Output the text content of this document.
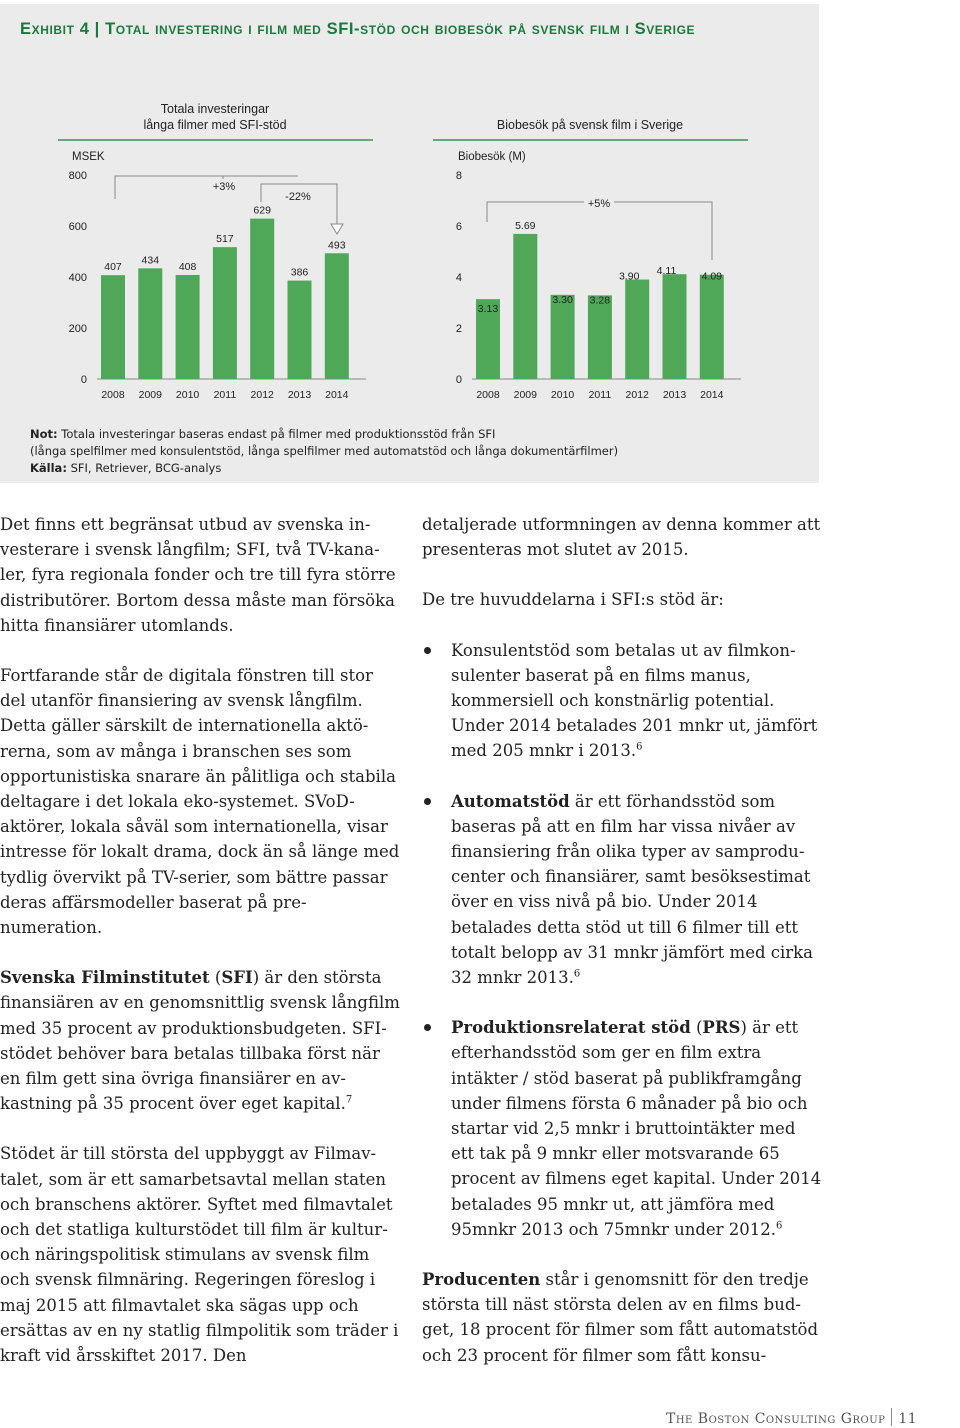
Exhibit 4 | Total investering i film med SFI-stöd och biobesök på svensk film i Sverige
Totala investeringar
långa filmer med SFI-stöd
MSEK
Biobesök på svensk film i Sverige
Biobesök (M)
0
200
400
600
800
407
2008
434
2009
408
2010
517
2011
629
2012
386
2013
493
2014
0
2
4
6
8
3.13
2008
5.69
2009
3.30
2010
3.28
2011
3.90
2012
4.11
2013
4.09
2014
+3%
-22%
+5%
Not: Totala investeringar baseras endast på filmer med produktionsstöd från SFI
(långa spelfilmer med konsulentstöd, långa spelfilmer med automatstöd och långa dokumentärfilmer)
Källa: SFI, Retriever, BCG-analys

Det finns ett begränsat utbud av svenska investerare i svensk långfilm; SFI, två TV-kanaler, fyra regionala fonder och tre till fyra större distributörer. Bortom dessa måste man försöka hitta finansiärer utomlands.

Fortfarande står de digitala fönstren till stor del utanför finansiering av svensk långfilm. Detta gäller särskilt de internationella aktörerna, som av många i branschen ses som opportunistiska snarare än pålitliga och stabila deltagare i det lokala eko-systemet. SVoD-aktörer, lokala såväl som internationella, visar intresse för lokalt drama, dock än så länge med tydlig övervikt på TV-serier, som bättre passar deras affärsmodeller baserat på prenumeration.

Svenska Filminstitutet (SFI) är den största finansiären av en genomsnittlig svensk långfilm med 35 procent av produktionsbudgeten. SFI-stödet behöver bara betalas tillbaka först när en film gett sina övriga finansiärer en avkastning på 35 procent över eget kapital.$^7$

Stödet är till största del uppbyggt av Filmavtalet, som är ett samarbetsavtal mellan staten och branschens aktörer. Syftet med filmavtalet och det statliga kulturstödet till film är kultur- och näringspolitisk stimulans av svensk film och svensk filmnäring. Regeringen föreslog i maj 2015 att filmavtalet ska sägas upp och ersättas av en ny statlig filmpolitik som träder i kraft vid årsskiftet 2017. Den

detaljerade utformningen av denna kommer att presenteras mot slutet av 2015.

De tre huvuddelarna i SFI:s stöd är:

Konsulentstöd som betalas ut av filmkonsulenter baserat på en films manus, kommersiell och konstnärlig potential. Under 2014 betalades 201 mnkr ut, jämfört med 205 mnkr i 2013.$^6$
Automatstöd är ett förhandsstöd som baseras på att en film har vissa nivåer av finansiering från olika typer av samproducenter och finansiärer, samt besöksestimat över en viss nivå på bio. Under 2014 betalades detta stöd ut till 6 filmer till ett totalt belopp av 31 mnkr jämfört med cirka 32 mnkr 2013.$^6$
Produktionsrelaterat stöd (PRS) är ett efterhandsstöd som ger en film extra intäkter / stöd baserat på publikframgång under filmens första 6 månader på bio och startar vid 2,5 mnkr i bruttointäkter med ett tak på 9 mnkr eller motsvarande 65 procent av filmens eget kapital. Under 2014 betalades 95 mnkr ut, att jämföra med 95mnkr 2013 och 75mnkr under 2012.$^6$

Producenten står i genomsnitt för den tredje största till näst största delen av en films budget, 18 procent för filmer som fått automatstöd och 23 procent för filmer som fått konsu-

The Boston Consulting Group 11
